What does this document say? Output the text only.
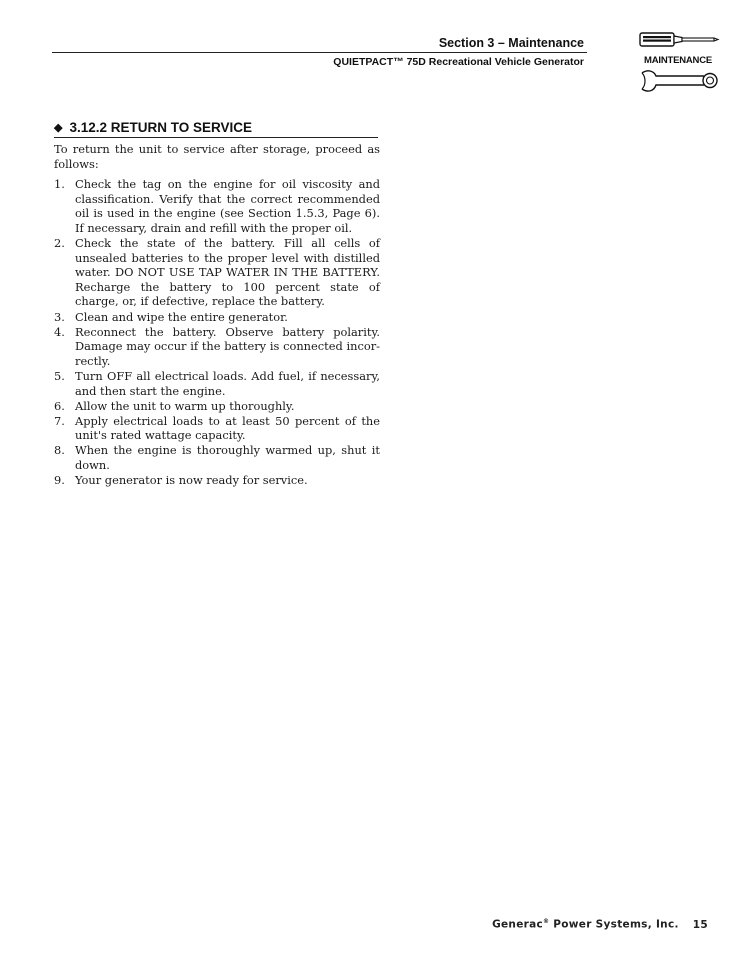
Section 3 – Maintenance
QUIETPACT™ 75D Recreational Vehicle Generator	MAINTENANCE
◆ 3.12.2 RETURN TO SERVICE

To return the unit to service after storage, proceed as follows:

1. Check the tag on the engine for oil viscosity and classification. Verify that the correct recommended oil is used in the engine (see Section 1.5.3, Page 6). If necessary, drain and refill with the proper oil.
2. Check the state of the battery. Fill all cells of unsealed batteries to the proper level with distilled water. DO NOT USE TAP WATER IN THE BATTERY. Recharge the battery to 100 percent state of charge, or, if defective, replace the battery.
3. Clean and wipe the entire generator.
4. Reconnect the battery. Observe battery polarity. Damage may occur if the battery is connected incor-rectly.
5. Turn OFF all electrical loads. Add fuel, if necessary, and then start the engine.
6. Allow the unit to warm up thoroughly.
7. Apply electrical loads to at least 50 percent of the unit's rated wattage capacity.
8. When the engine is thoroughly warmed up, shut it down.
9. Your generator is now ready for service.
Generac® Power Systems, Inc. 15
